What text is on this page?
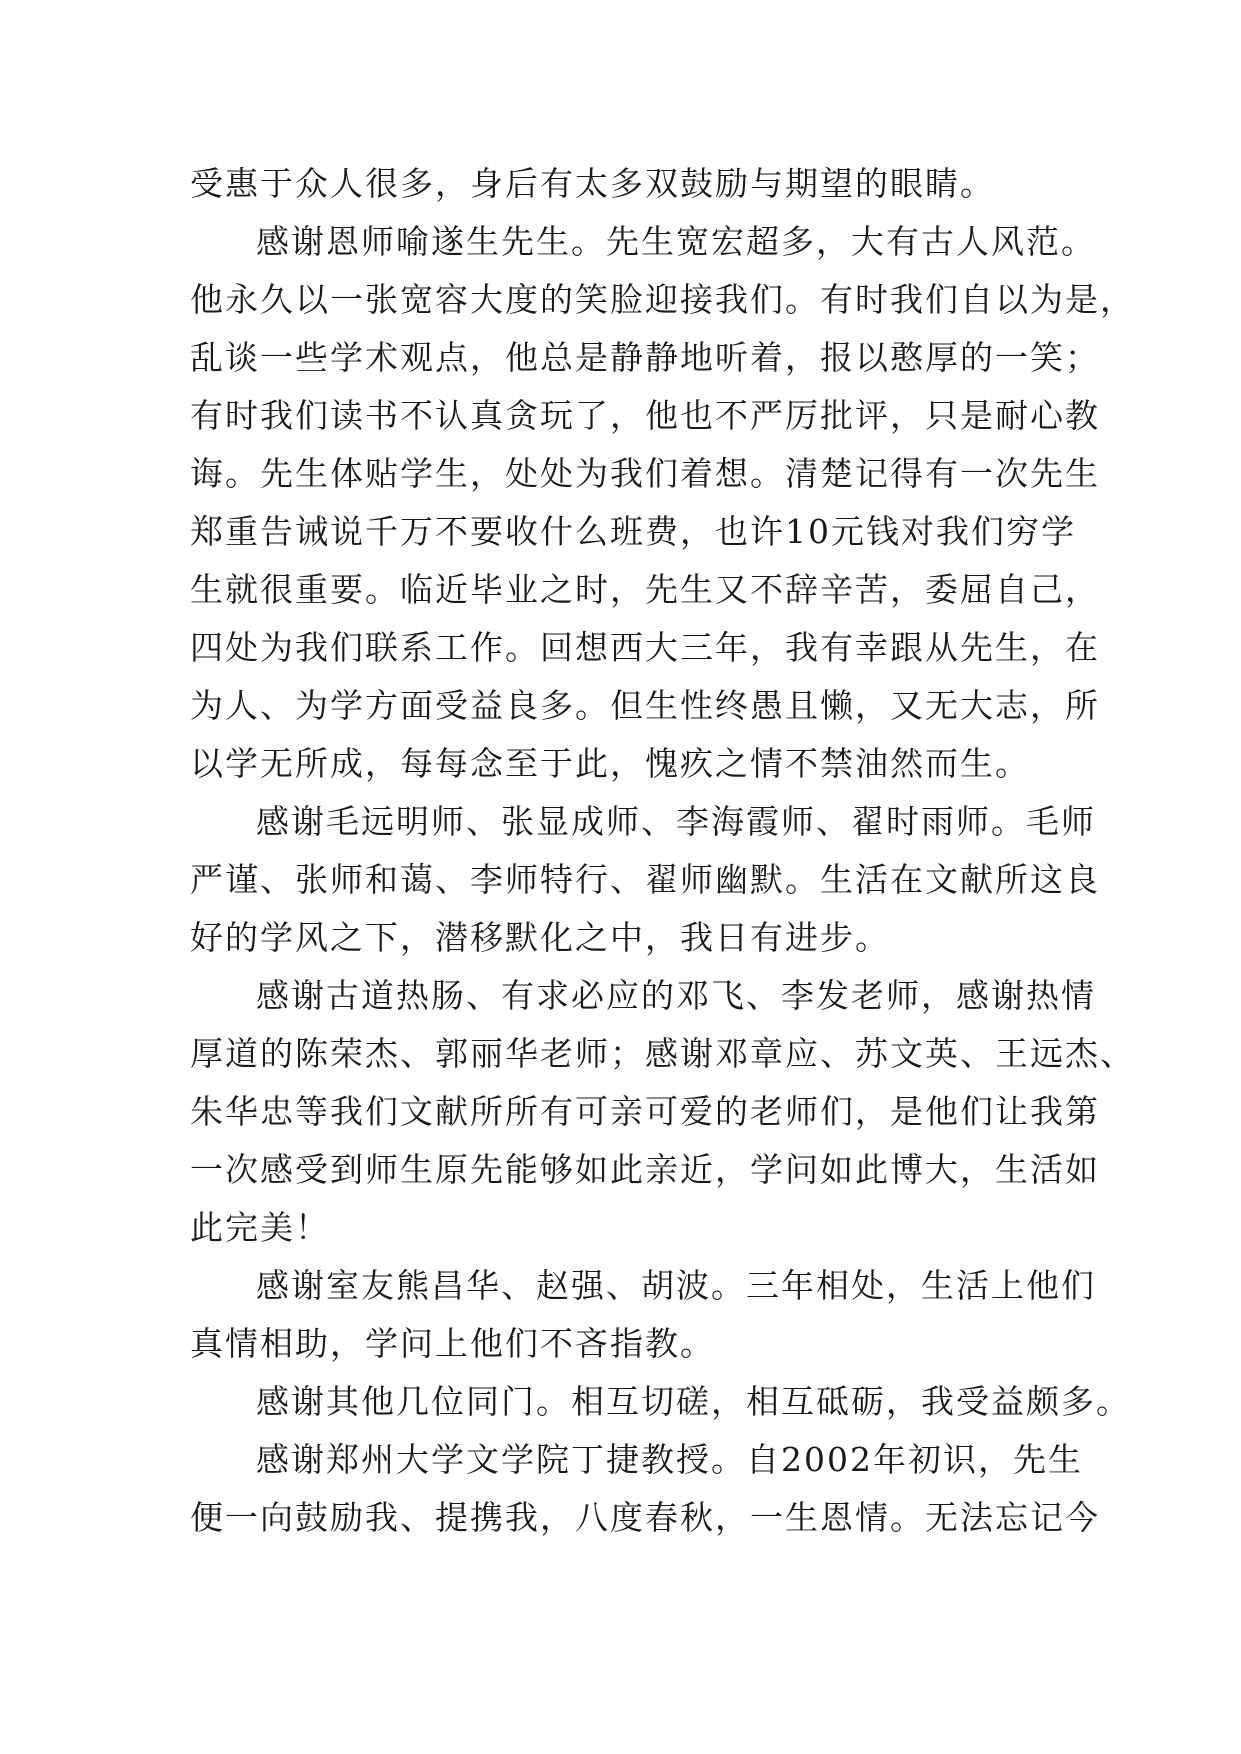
受惠于众人很多，身后有太多双鼓励与期望的眼睛。
感谢恩师喻遂生先生。先生宽宏超多，大有古人风范。
他永久以一张宽容大度的笑脸迎接我们。有时我们自以为是，
乱谈一些学术观点，他总是静静地听着，报以憨厚的一笑；
有时我们读书不认真贪玩了，他也不严厉批评，只是耐心教
诲。先生体贴学生，处处为我们着想。清楚记得有一次先生
郑重告诫说千万不要收什么班费，也许10元钱对我们穷学
生就很重要。临近毕业之时，先生又不辞辛苦，委屈自己，
四处为我们联系工作。回想西大三年，我有幸跟从先生，在
为人、为学方面受益良多。但生性终愚且懒，又无大志，所
以学无所成，每每念至于此，愧疚之情不禁油然而生。
感谢毛远明师、张显成师、李海霞师、翟时雨师。毛师
严谨、张师和蔼、李师特行、翟师幽默。生活在文献所这良
好的学风之下，潜移默化之中，我日有进步。
感谢古道热肠、有求必应的邓飞、李发老师，感谢热情
厚道的陈荣杰、郭丽华老师；感谢邓章应、苏文英、王远杰、
朱华忠等我们文献所所有可亲可爱的老师们，是他们让我第
一次感受到师生原先能够如此亲近，学问如此博大，生活如
此完美！
感谢室友熊昌华、赵强、胡波。三年相处，生活上他们
真情相助，学问上他们不吝指教。
感谢其他几位同门。相互切磋，相互砥砺，我受益颇多。
感谢郑州大学文学院丁捷教授。自2002年初识，先生
便一向鼓励我、提携我，八度春秋，一生恩情。无法忘记今
